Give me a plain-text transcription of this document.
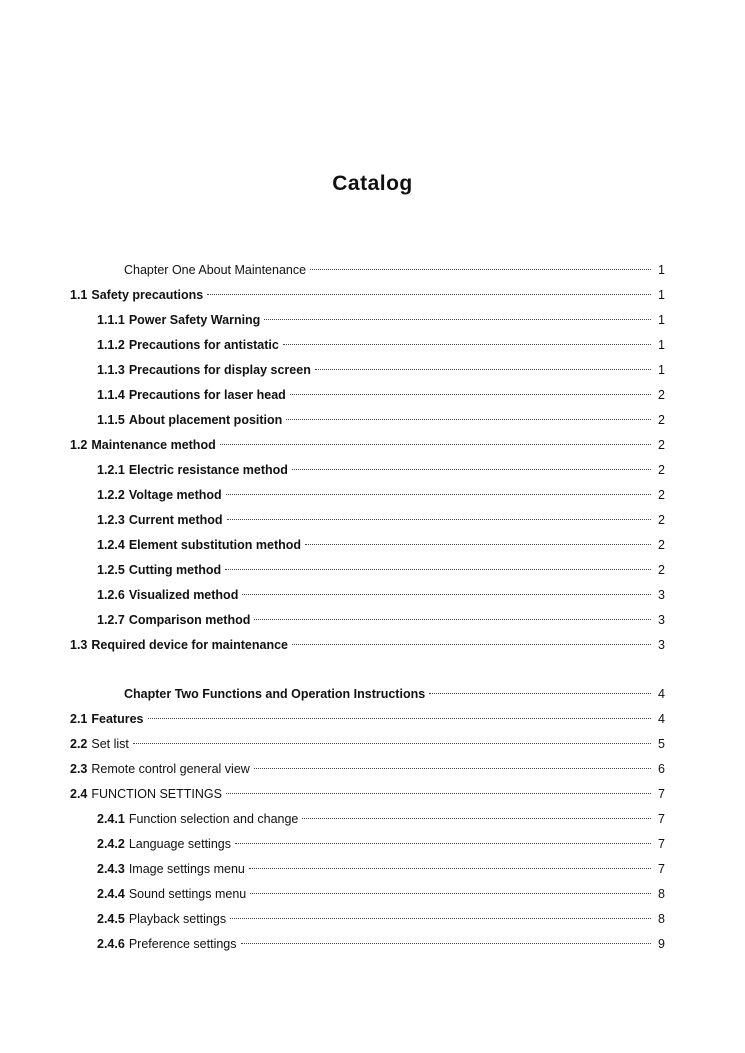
Catalog
Chapter One About Maintenance	1
1.1 Safety precautions	1
1.1.1 Power Safety Warning	1
1.1.2 Precautions for antistatic	1
1.1.3 Precautions for display screen	1
1.1.4 Precautions for laser head	2
1.1.5 About placement position	2
1.2 Maintenance method	2
1.2.1 Electric resistance method	2
1.2.2 Voltage method	2
1.2.3 Current method	2
1.2.4 Element substitution method	2
1.2.5 Cutting method	2
1.2.6 Visualized method	3
1.2.7 Comparison method	3
1.3 Required device for maintenance	3
Chapter Two Functions and Operation Instructions	4
2.1 Features	4
2.2 Set list	5
2.3 Remote control general view	6
2.4 FUNCTION SETTINGS	7
2.4.1 Function selection and change	7
2.4.2 Language settings	7
2.4.3 Image settings menu	7
2.4.4 Sound settings menu	8
2.4.5 Playback settings	8
2.4.6 Preference settings	9
